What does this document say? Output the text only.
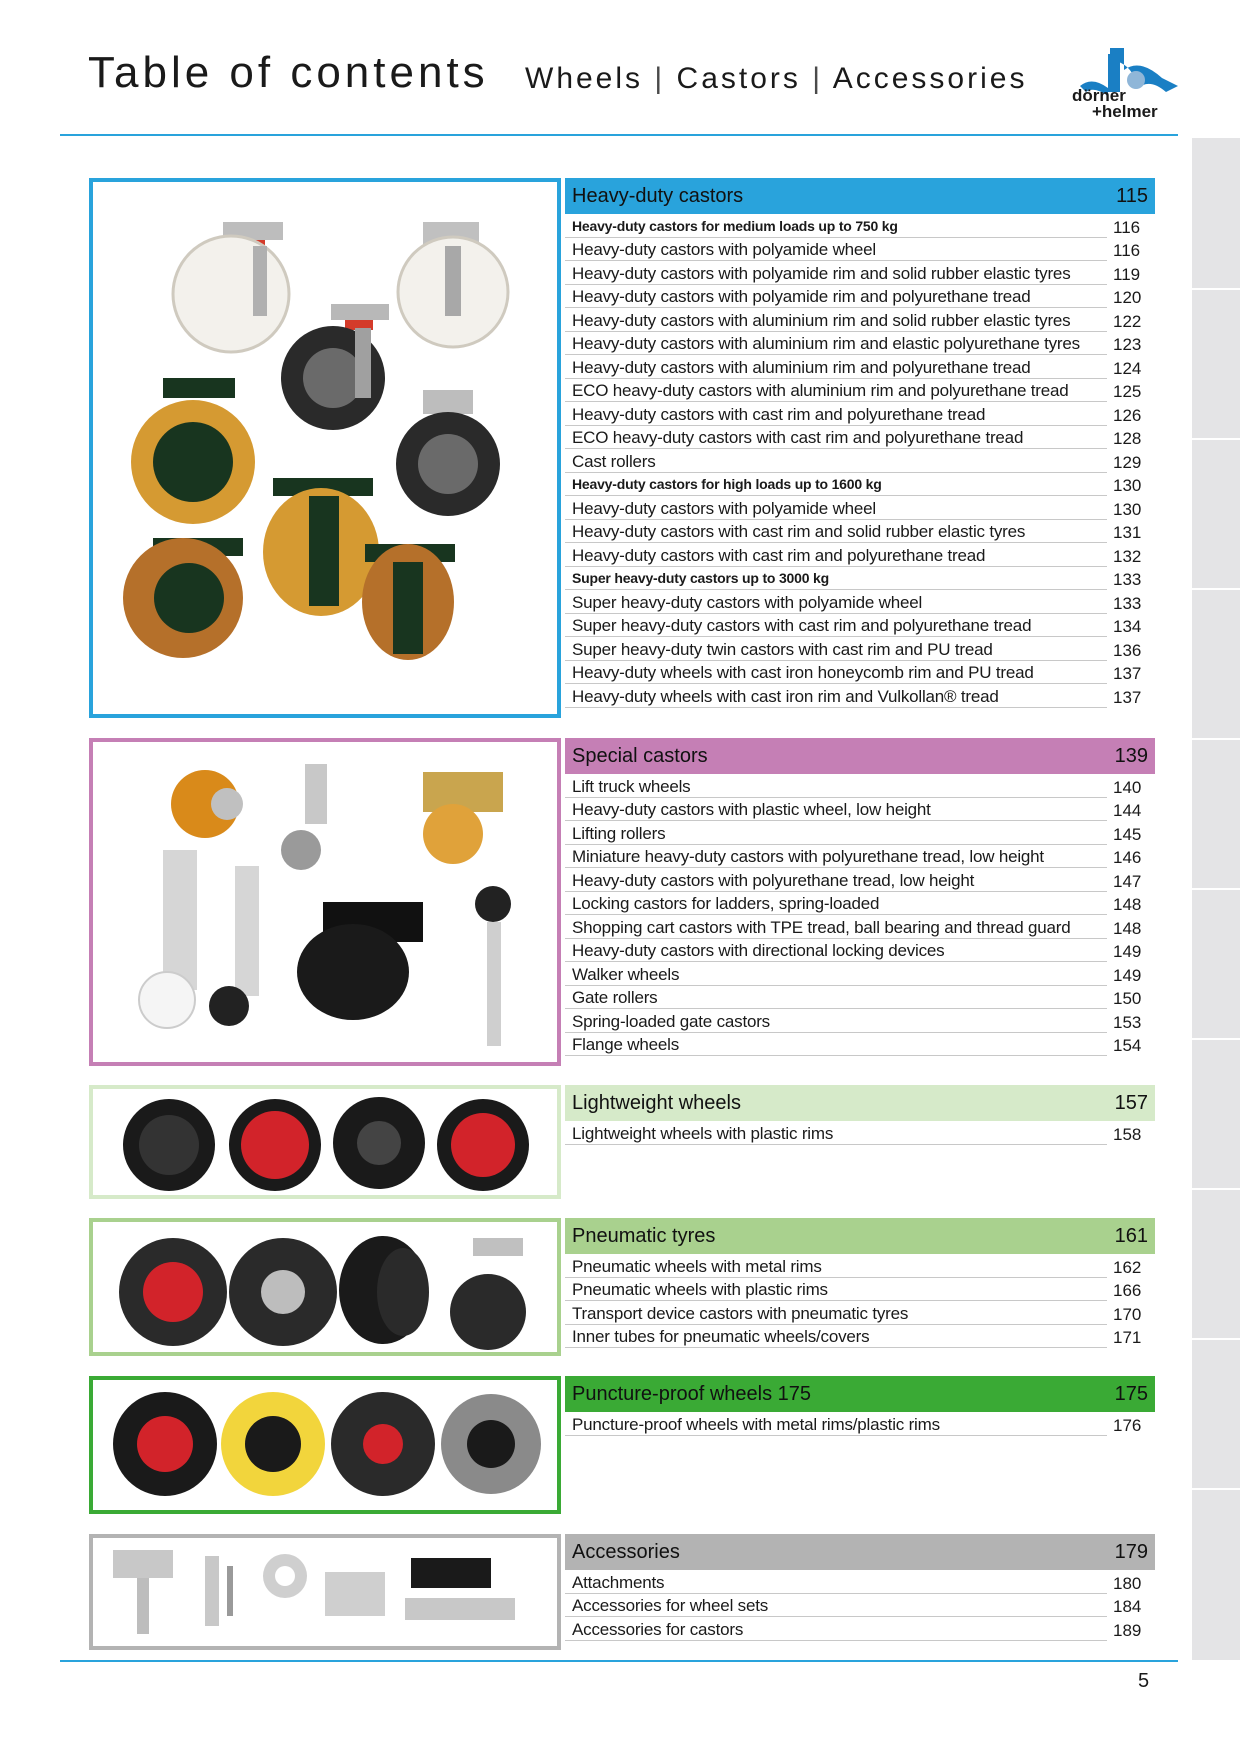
Table of contents Wheels | Castors | Accessories
dörner
+helmer
Heavy-duty castors	115
Heavy-duty castors for medium loads up to 750 kg	116
Heavy-duty castors with polyamide wheel	116
Heavy-duty castors with polyamide rim and solid rubber elastic tyres	119
Heavy-duty castors with polyamide rim and polyurethane tread	120
Heavy-duty castors with aluminium rim and solid rubber elastic tyres	122
Heavy-duty castors with aluminium rim and elastic polyurethane tyres	123
Heavy-duty castors with aluminium rim and polyurethane tread	124
ECO heavy-duty castors with aluminium rim and polyurethane tread	125
Heavy-duty castors with cast rim and polyurethane tread	126
ECO heavy-duty castors with cast rim and polyurethane tread	128
Cast rollers	129
Heavy-duty castors for high loads up to 1600 kg	130
Heavy-duty castors with polyamide wheel	130
Heavy-duty castors with cast rim and solid rubber elastic tyres	131
Heavy-duty castors with cast rim and polyurethane tread	132
Super heavy-duty castors up to 3000 kg	133
Super heavy-duty castors with polyamide wheel	133
Super heavy-duty castors with cast rim and polyurethane tread	134
Super heavy-duty twin castors with cast rim and PU tread	136
Heavy-duty wheels with cast iron honeycomb rim and PU tread	137
Heavy-duty wheels with cast iron rim and Vulkollan® tread	137
Special castors	139
Lift truck wheels	140
Heavy-duty castors with plastic wheel, low height	144
Lifting rollers	145
Miniature heavy-duty castors with polyurethane tread, low height	146
Heavy-duty castors with polyurethane tread, low height	147
Locking castors for ladders, spring-loaded	148
Shopping cart castors with TPE tread, ball bearing and thread guard	148
Heavy-duty castors with directional locking devices	149
Walker wheels	149
Gate rollers	150
Spring-loaded gate castors	153
Flange wheels	154
Lightweight wheels	157
Lightweight wheels with plastic rims	158
Pneumatic tyres	161
Pneumatic wheels with metal rims	162
Pneumatic wheels with plastic rims	166
Transport device castors with pneumatic tyres	170
Inner tubes for pneumatic wheels/covers	171
Puncture-proof wheels 175	175
Puncture-proof wheels with metal rims/plastic rims	176
Accessories	179
Attachments	180
Accessories for wheel sets	184
Accessories for castors	189
5
